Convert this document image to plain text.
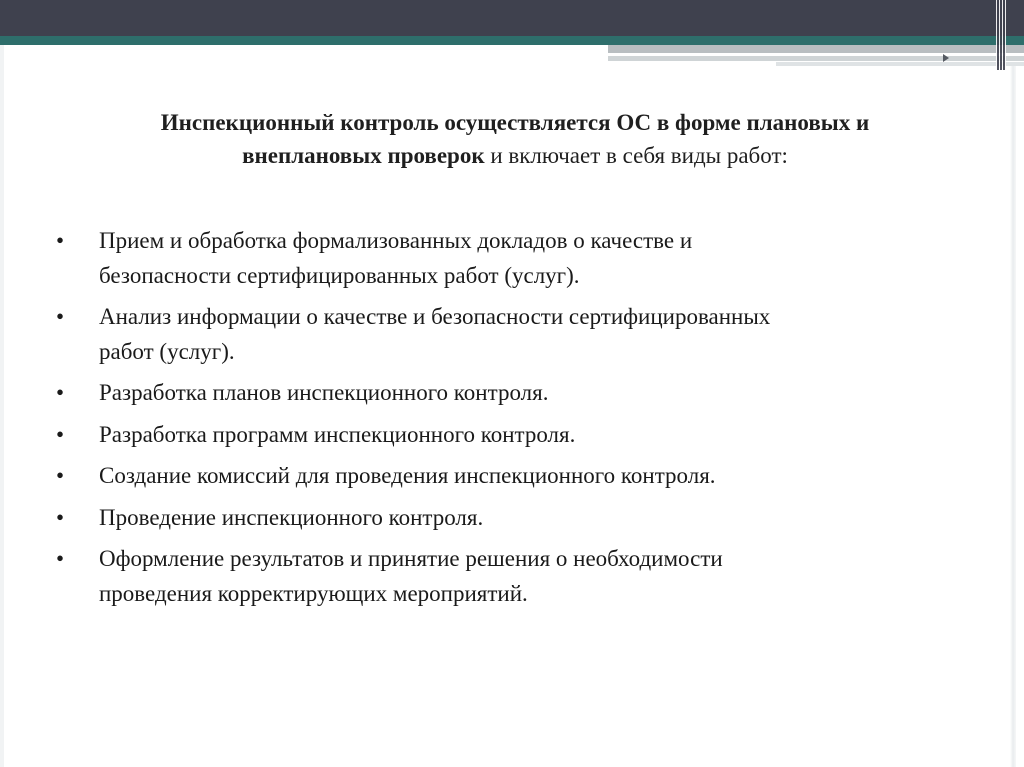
Инспекционный контроль осуществляется ОС в форме плановых и
внеплановых проверок и включает в себя виды работ:
• Прием и обработка формализованных докладов о качестве и
безопасности сертифицированных работ (услуг).
• Анализ информации о качестве и безопасности сертифицированных
работ (услуг).
• Разработка планов инспекционного контроля.
• Разработка программ инспекционного контроля.
• Создание комиссий для проведения инспекционного контроля.
• Проведение инспекционного контроля.
• Оформление результатов и принятие решения о необходимости
проведения корректирующих мероприятий.
